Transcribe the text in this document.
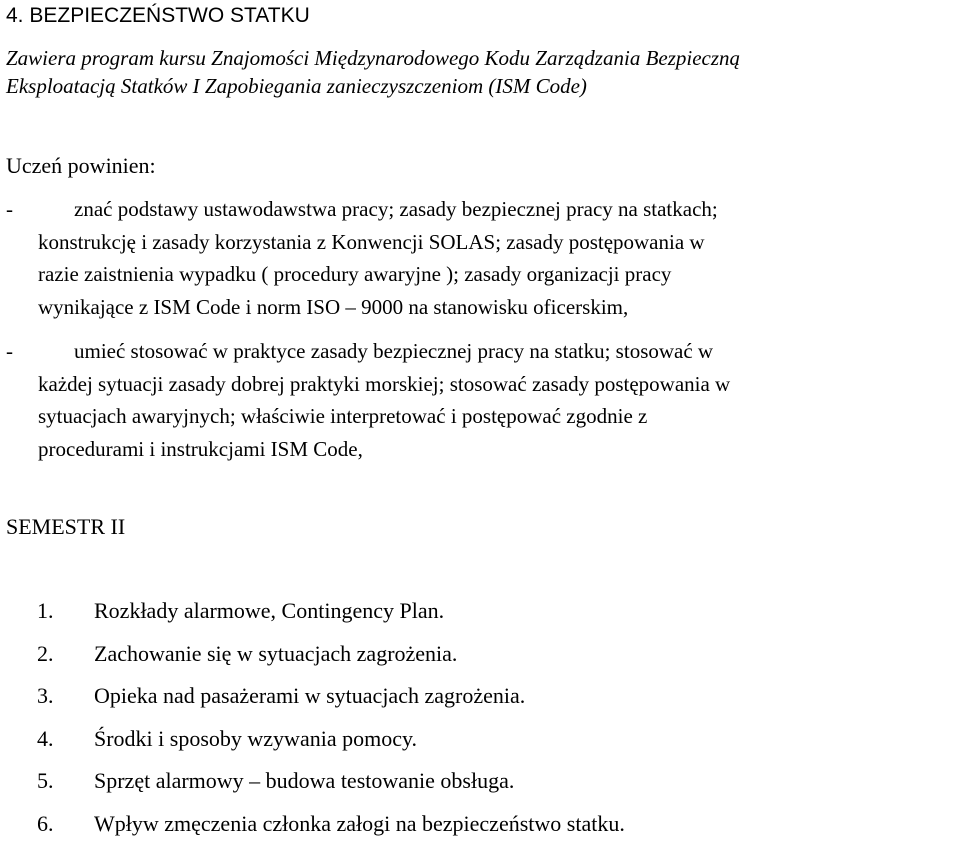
4. BEZPIECZEŃSTWO STATKU
Zawiera program kursu Znajomości Międzynarodowego Kodu Zarządzania Bezpieczną
Eksploatacją Statków I Zapobiegania zanieczyszczeniom (ISM Code)
Uczeń powinien:
-	znać podstawy ustawodawstwa pracy; zasady bezpiecznej pracy na statkach;
konstrukcję i zasady korzystania z Konwencji SOLAS; zasady postępowania w
razie zaistnienia wypadku ( procedury awaryjne ); zasady organizacji pracy
wynikające z ISM Code i norm ISO – 9000 na stanowisku oficerskim,
-	umieć stosować w praktyce zasady bezpiecznej pracy na statku; stosować w
każdej sytuacji zasady dobrej praktyki morskiej; stosować zasady postępowania w
sytuacjach awaryjnych; właściwie interpretować i postępować zgodnie z
procedurami i instrukcjami ISM Code,
SEMESTR II
1.	Rozkłady alarmowe, Contingency Plan.
2.	Zachowanie się w sytuacjach zagrożenia.
3.	Opieka nad pasażerami w sytuacjach zagrożenia.
4.	Środki i sposoby wzywania pomocy.
5.	Sprzęt alarmowy – budowa testowanie obsługa.
6.	Wpływ zmęczenia członka załogi na bezpieczeństwo statku.
